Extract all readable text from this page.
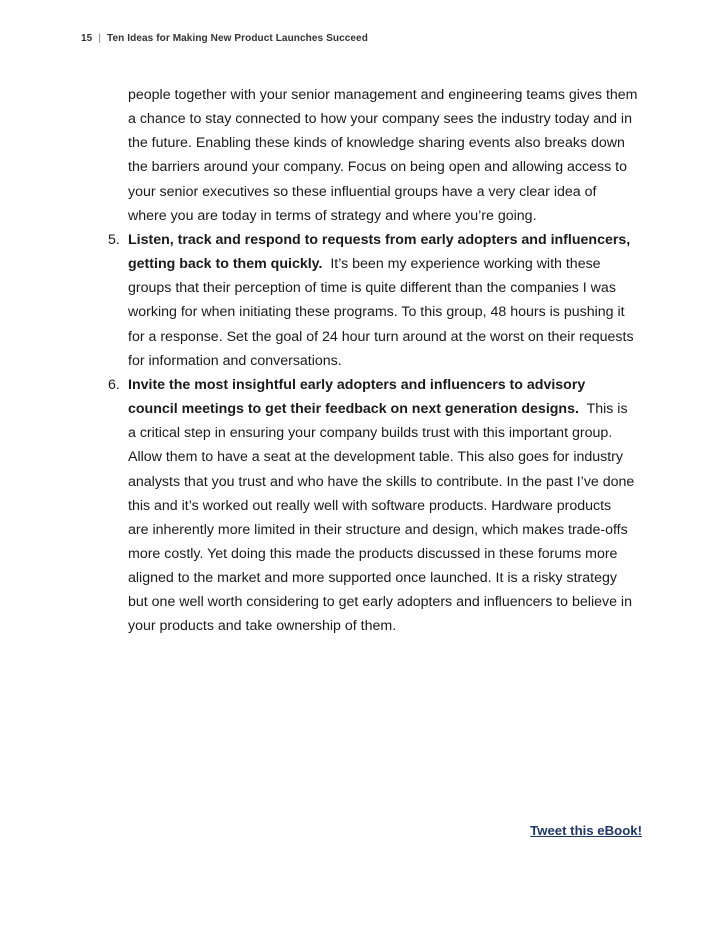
15 | Ten Ideas for Making New Product Launches Succeed
people together with your senior management and engineering teams gives them
a chance to stay connected to how your company sees the industry today and in
the future. Enabling these kinds of knowledge sharing events also breaks down
the barriers around your company. Focus on being open and allowing access to
your senior executives so these influential groups have a very clear idea of
where you are today in terms of strategy and where you’re going.
5. Listen, track and respond to requests from early adopters and influencers,
getting back to them quickly.  It’s been my experience working with these
groups that their perception of time is quite different than the companies I was
working for when initiating these programs. To this group, 48 hours is pushing it
for a response. Set the goal of 24 hour turn around at the worst on their requests
for information and conversations.
6. Invite the most insightful early adopters and influencers to advisory
council meetings to get their feedback on next generation designs.  This is
a critical step in ensuring your company builds trust with this important group.
Allow them to have a seat at the development table. This also goes for industry
analysts that you trust and who have the skills to contribute. In the past I’ve done
this and it’s worked out really well with software products. Hardware products
are inherently more limited in their structure and design, which makes trade-offs
more costly. Yet doing this made the products discussed in these forums more
aligned to the market and more supported once launched. It is a risky strategy
but one well worth considering to get early adopters and influencers to believe in
your products and take ownership of them.
Tweet this eBook!
